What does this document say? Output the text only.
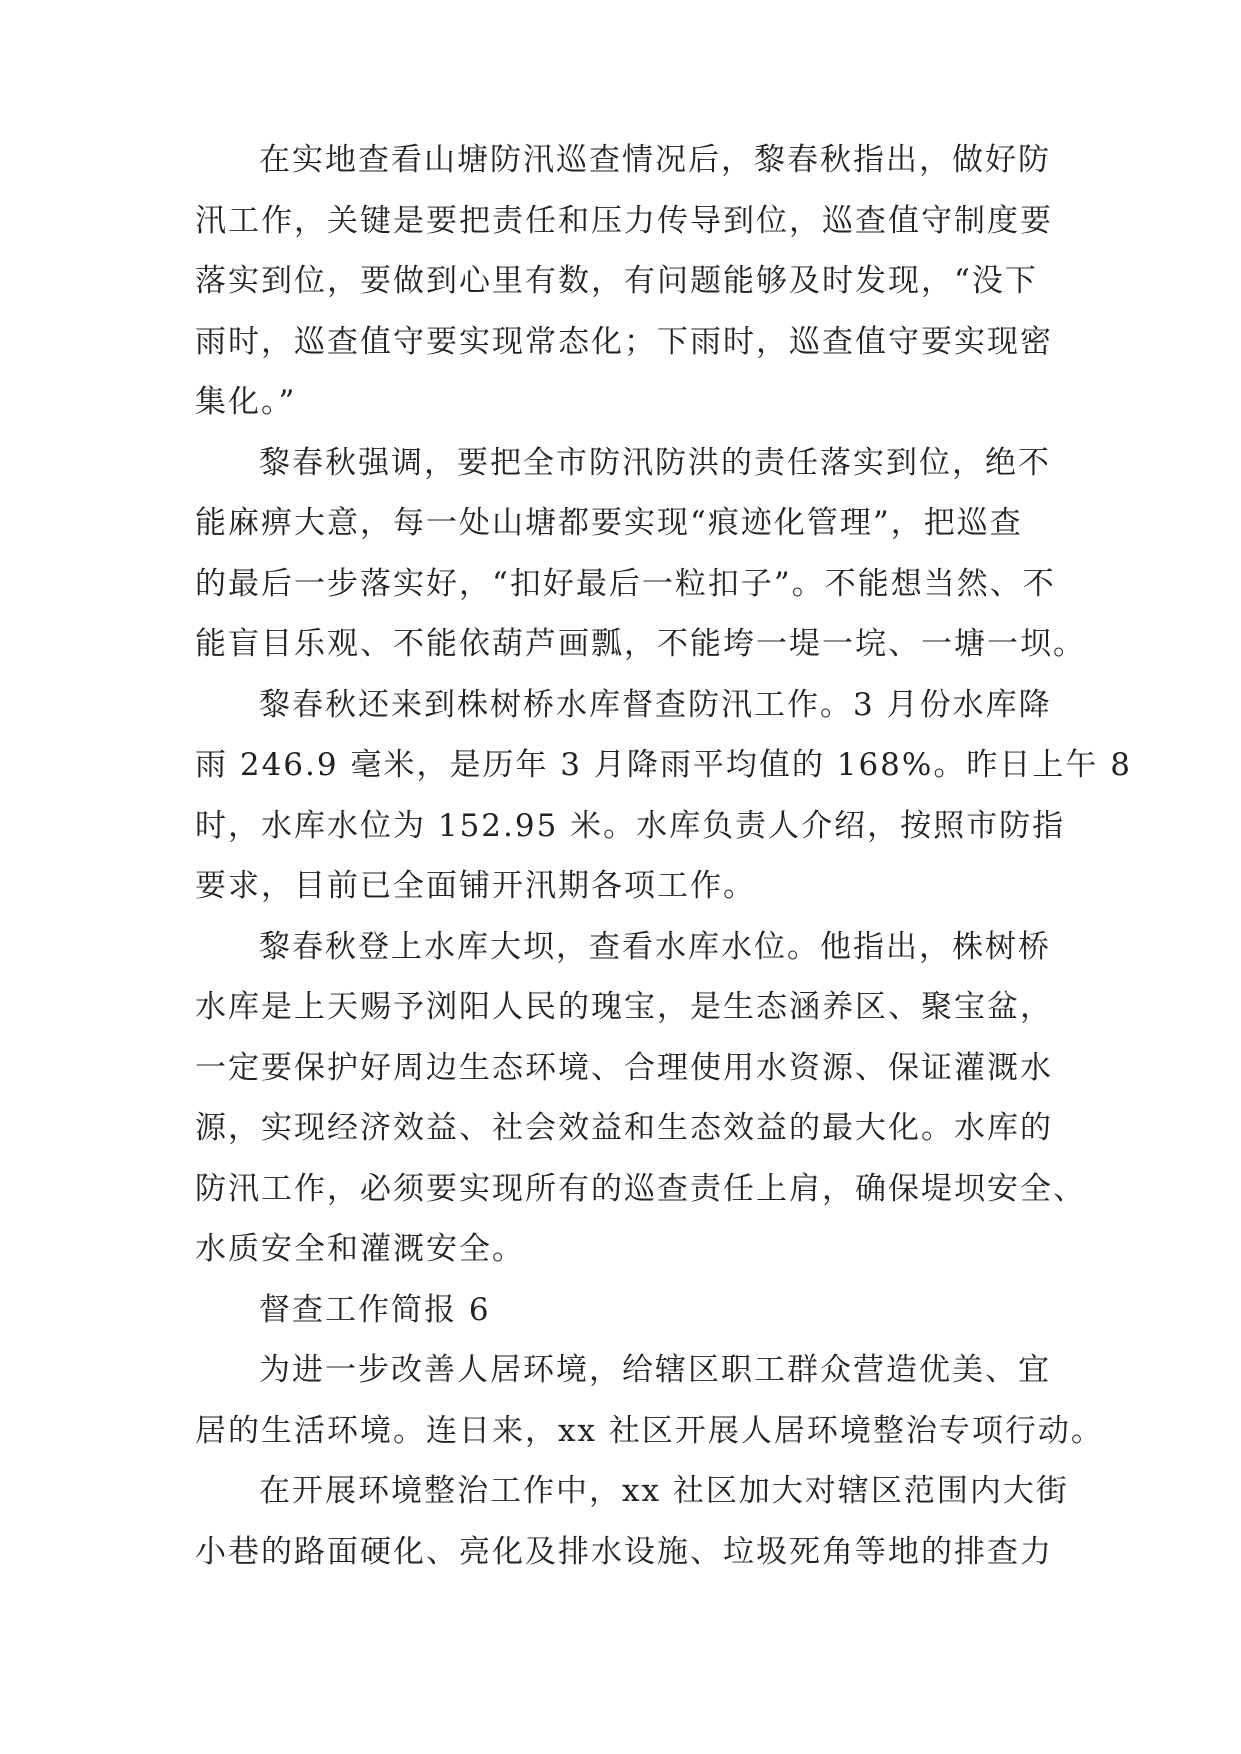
在实地查看山塘防汛巡查情况后，黎春秋指出，做好防
汛工作，关键是要把责任和压力传导到位，巡查值守制度要
落实到位，要做到心里有数，有问题能够及时发现，“没下
雨时，巡查值守要实现常态化；下雨时，巡查值守要实现密
集化。”
黎春秋强调，要把全市防汛防洪的责任落实到位，绝不
能麻痹大意，每一处山塘都要实现“痕迹化管理”，把巡查
的最后一步落实好，“扣好最后一粒扣子”。不能想当然、不
能盲目乐观、不能依葫芦画瓢，不能垮一堤一垸、一塘一坝。
黎春秋还来到株树桥水库督查防汛工作。3 月份水库降
雨 246.9 毫米，是历年 3 月降雨平均值的 168%。昨日上午 8
时，水库水位为 152.95 米。水库负责人介绍，按照市防指
要求，目前已全面铺开汛期各项工作。
黎春秋登上水库大坝，查看水库水位。他指出，株树桥
水库是上天赐予浏阳人民的瑰宝，是生态涵养区、聚宝盆，
一定要保护好周边生态环境、合理使用水资源、保证灌溉水
源，实现经济效益、社会效益和生态效益的最大化。水库的
防汛工作，必须要实现所有的巡查责任上肩，确保堤坝安全、
水质安全和灌溉安全。
督查工作简报 6
为进一步改善人居环境，给辖区职工群众营造优美、宜
居的生活环境。连日来，xx 社区开展人居环境整治专项行动。
在开展环境整治工作中，xx 社区加大对辖区范围内大街
小巷的路面硬化、亮化及排水设施、垃圾死角等地的排查力
